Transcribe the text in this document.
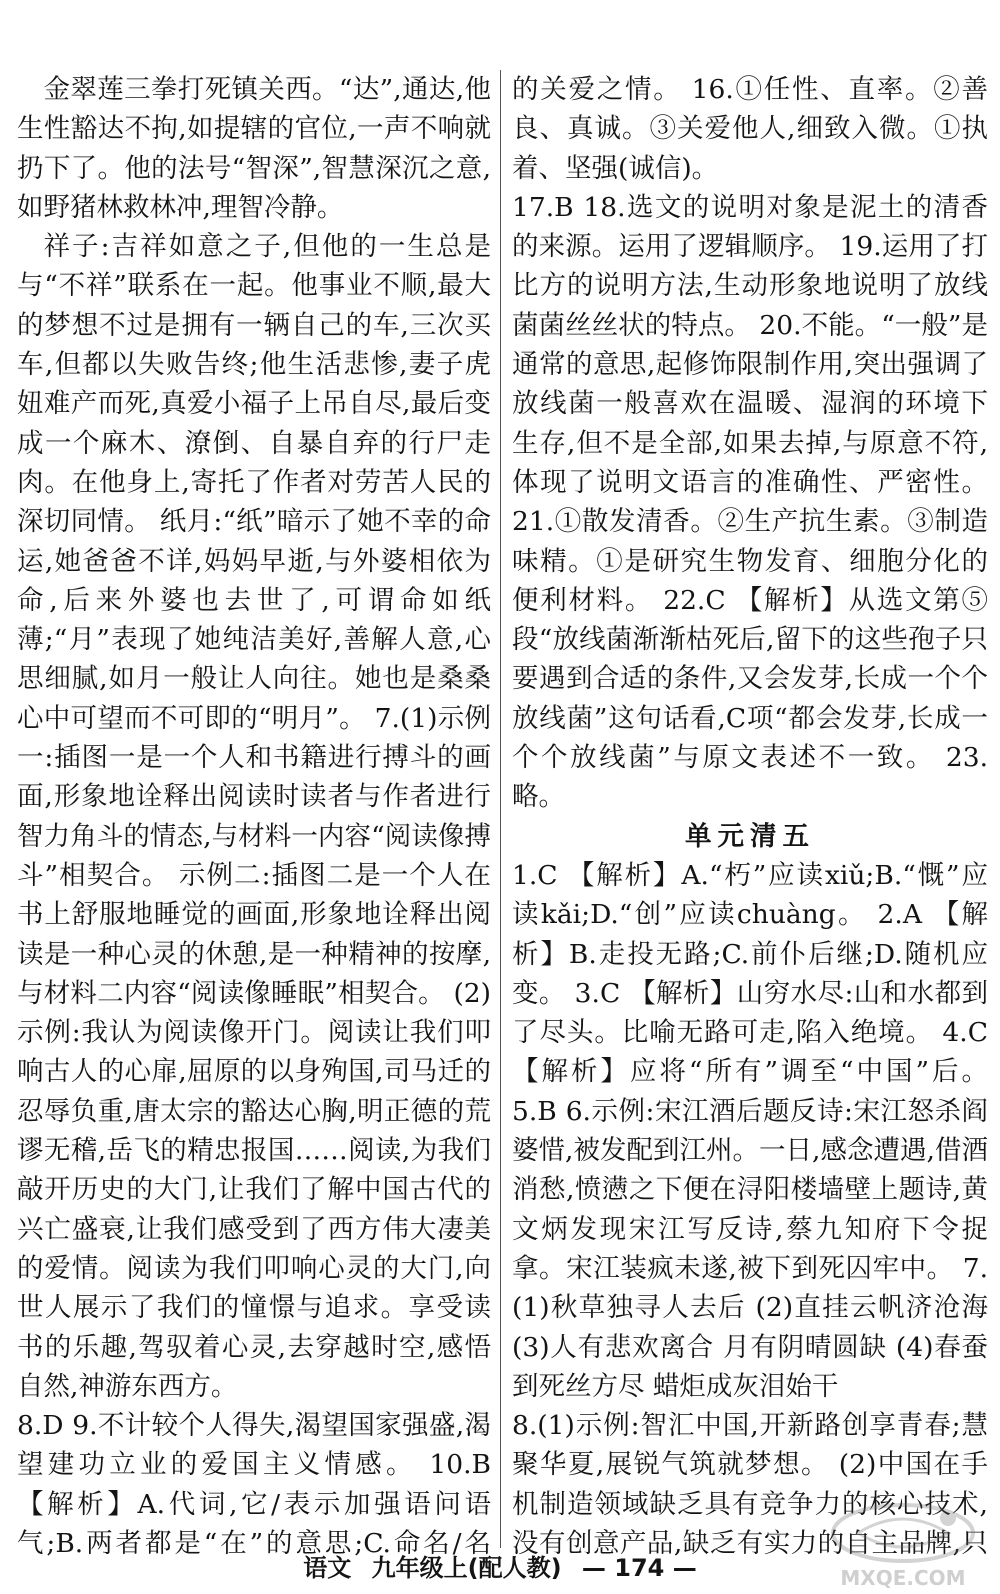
金翠莲三拳打死镇关西。“达”,通达,他生性豁达不拘,如提辖的官位,一声不响就扔下了。他的法号“智深”,智慧深沉之意,如野猪林救林冲,理智冷静。

祥子:吉祥如意之子,但他的一生总是与“不祥”联系在一起。他事业不顺,最大的梦想不过是拥有一辆自己的车,三次买车,但都以失败告终;他生活悲惨,妻子虎妞难产而死,真爱小福子上吊自尽,最后变成一个麻木、潦倒、自暴自弃的行尸走肉。在他身上,寄托了作者对劳苦人民的深切同情。 纸月:“纸”暗示了她不幸的命运,她爸爸不详,妈妈早逝,与外婆相依为命,后来外婆也去世了,可谓命如纸薄;“月”表现了她纯洁美好,善解人意,心思细腻,如月一般让人向往。她也是桑桑心中可望而不可即的“明月”。 7.(1)示例一:插图一是一个人和书籍进行搏斗的画面,形象地诠释出阅读时读者与作者进行智力角斗的情态,与材料一内容“阅读像搏斗”相契合。 示例二:插图二是一个人在书上舒服地睡觉的画面,形象地诠释出阅读是一种心灵的休憩,是一种精神的按摩,与材料二内容“阅读像睡眠”相契合。 (2)示例:我认为阅读像开门。阅读让我们叩响古人的心扉,屈原的以身殉国,司马迁的忍辱负重,唐太宗的豁达心胸,明正德的荒谬无稽,岳飞的精忠报国……阅读,为我们敲开历史的大门,让我们了解中国古代的兴亡盛衰,让我们感受到了西方伟大凄美的爱情。阅读为我们叩响心灵的大门,向世人展示了我们的憧憬与追求。享受读书的乐趣,驾驭着心灵,去穿越时空,感悟自然,神游东西方。

8.D 9.不计较个人得失,渴望国家强盛,渴望建功立业的爱国主义情感。 10.B 【解析】A.代词,它/表示加强语问语气;B.两者都是“在”的意思;C.命名/名

的关爱之情。 16.①任性、直率。②善良、真诚。③关爱他人,细致入微。①执着、坚强(诚信)。

17.B 18.选文的说明对象是泥土的清香的来源。运用了逻辑顺序。 19.运用了打比方的说明方法,生动形象地说明了放线菌菌丝丝状的特点。 20.不能。“一般”是通常的意思,起修饰限制作用,突出强调了放线菌一般喜欢在温暖、湿润的环境下生存,但不是全部,如果去掉,与原意不符,体现了说明文语言的准确性、严密性。 21.①散发清香。②生产抗生素。③制造味精。①是研究生物发育、细胞分化的便利材料。 22.C 【解析】从选文第⑤段“放线菌渐渐枯死后,留下的这些孢子只要遇到合适的条件,又会发芽,长成一个个放线菌”这句话看,C项“都会发芽,长成一个个放线菌”与原文表述不一致。 23.略。

单元清五

1.C 【解析】A.“朽”应读xiǔ;B.“慨”应读kǎi;D.“创”应读chuàng。 2.A 【解析】B.走投无路;C.前仆后继;D.随机应变。 3.C 【解析】山穷水尽:山和水都到了尽头。比喻无路可走,陷入绝境。 4.C 【解析】应将“所有”调至“中国”后。 5.B 6.示例:宋江酒后题反诗:宋江怒杀阎婆惜,被发配到江州。一日,感念遭遇,借酒消愁,愤懑之下便在浔阳楼墙壁上题诗,黄文炳发现宋江写反诗,蔡九知府下令捉拿。宋江装疯未遂,被下到死囚牢中。 7.(1)秋草独寻人去后 (2)直挂云帆济沧海 (3)人有悲欢离合 月有阴晴圆缺 (4)春蚕到死丝方尽 蜡炬成灰泪始干

8.(1)示例:智汇中国,开新路创享青春;慧聚华夏,展锐气筑就梦想。 (2)中国在手机制造领域缺乏具有竞争力的核心技术,没有创意产品,缺乏有实力的自主品牌,只

语文 九年级上(配人教) — 174 —	MXQE.COM
